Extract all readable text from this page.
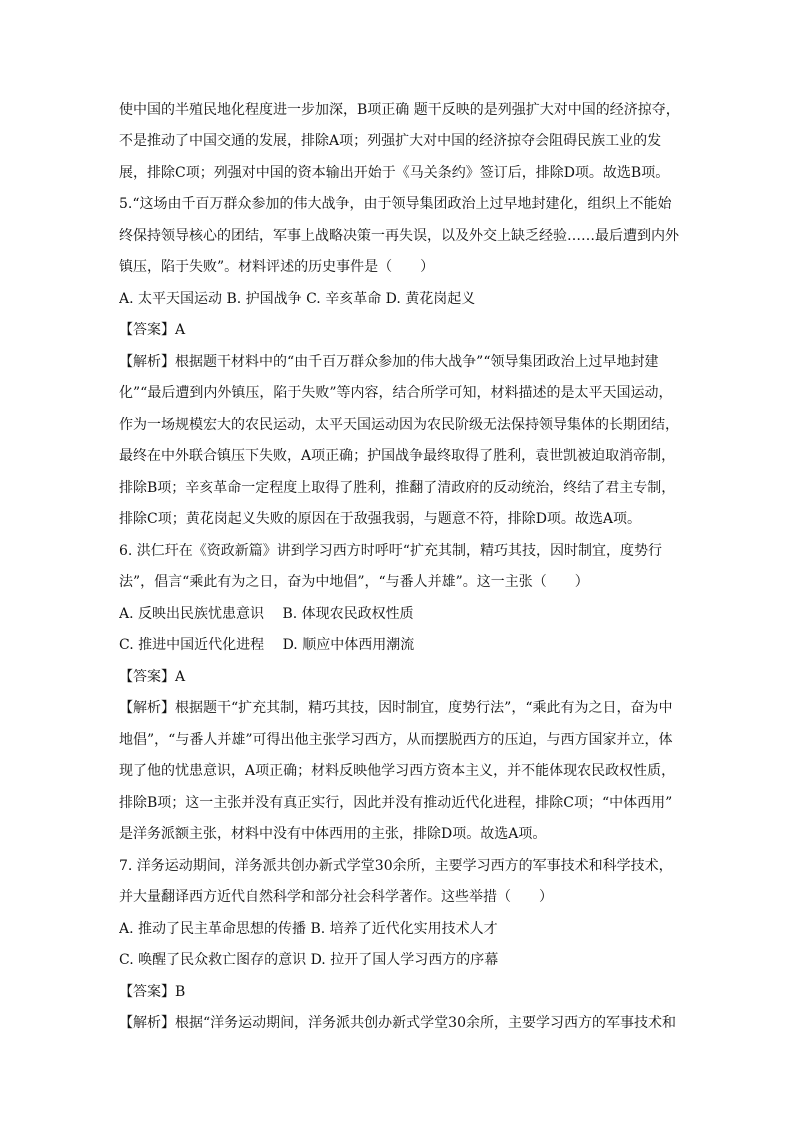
使中国的半殖民地化程度进一步加深，B项正确 题干反映的是列强扩大对中国的经济掠夺，
不是推动了中国交通的发展，排除A项；列强扩大对中国的经济掠夺会阻碍民族工业的发
展，排除C项；列强对中国的资本输出开始于《马关条约》签订后，排除D项。故选B项。
5.“这场由千百万群众参加的伟大战争，由于领导集团政治上过早地封建化，组织上不能始
终保持领导核心的团结，军事上战略决策一再失误，以及外交上缺乏经验……最后遭到内外
镇压，陷于失败”。材料评述的历史事件是（　　）
A. 太平天国运动 B. 护国战争 C. 辛亥革命 D. 黄花岗起义
【答案】A
【解析】根据题干材料中的“由千百万群众参加的伟大战争”“领导集团政治上过早地封建
化”“最后遭到内外镇压，陷于失败”等内容，结合所学可知，材料描述的是太平天国运动，
作为一场规模宏大的农民运动，太平天国运动因为农民阶级无法保持领导集体的长期团结，
最终在中外联合镇压下失败，A项正确；护国战争最终取得了胜利，袁世凯被迫取消帝制，
排除B项；辛亥革命一定程度上取得了胜利，推翻了清政府的反动统治，终结了君主专制，
排除C项；黄花岗起义失败的原因在于敌强我弱，与题意不符，排除D项。故选A项。
6. 洪仁玕在《资政新篇》讲到学习西方时呼吁“扩充其制，精巧其技，因时制宜，度势行
法”，倡言“乘此有为之日，奋为中地倡”，“与番人并雄”。这一主张（　　）
A. 反映出民族忧患意识　 B. 体现农民政权性质
C. 推进中国近代化进程　 D. 顺应中体西用潮流
【答案】A
【解析】根据题干“扩充其制，精巧其技，因时制宜，度势行法”，“乘此有为之日，奋为中
地倡”，“与番人并雄”可得出他主张学习西方，从而摆脱西方的压迫，与西方国家并立，体
现了他的忧患意识，A项正确；材料反映他学习西方资本主义，并不能体现农民政权性质，
排除B项；这一主张并没有真正实行，因此并没有推动近代化进程，排除C项；“中体西用”
是洋务派额主张，材料中没有中体西用的主张，排除D项。故选A项。
7. 洋务运动期间，洋务派共创办新式学堂30余所，主要学习西方的军事技术和科学技术，
并大量翻译西方近代自然科学和部分社会科学著作。这些举措（　　）
A. 推动了民主革命思想的传播 B. 培养了近代化实用技术人才
C. 唤醒了民众救亡图存的意识 D. 拉开了国人学习西方的序幕
【答案】B
【解析】根据“洋务运动期间，洋务派共创办新式学堂30余所，主要学习西方的军事技术和
